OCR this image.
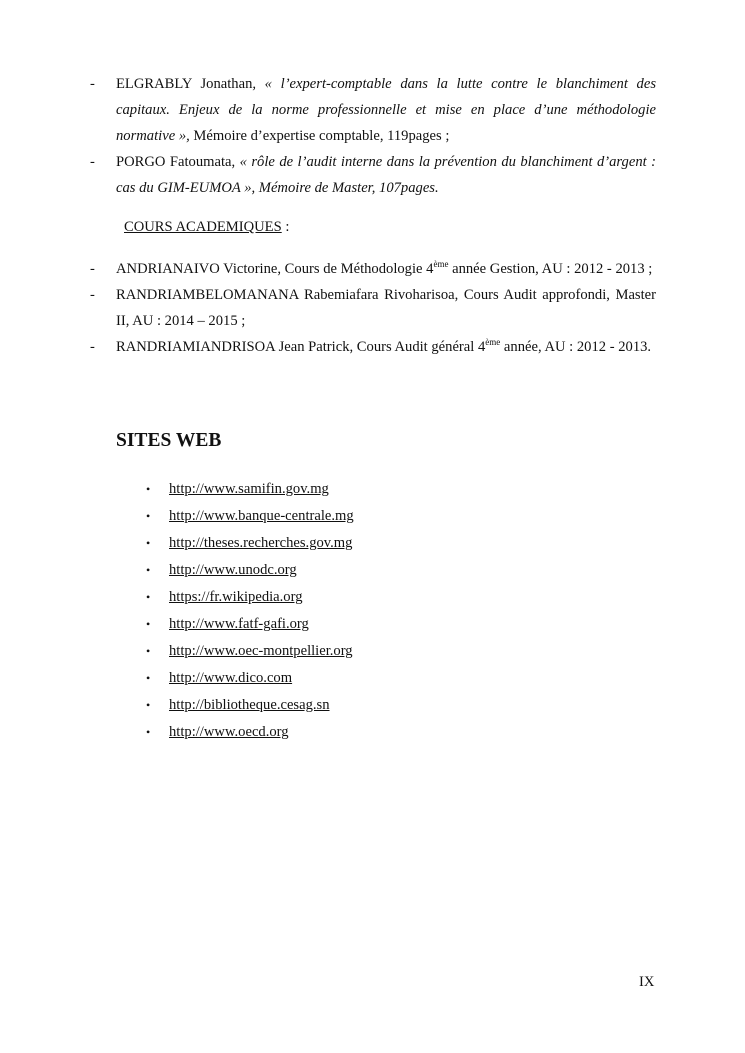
- ELGRABLY Jonathan, « l’expert-comptable dans la lutte contre le blanchiment des capitaux. Enjeux de la norme professionnelle et mise en place d’une méthodologie normative », Mémoire d’expertise comptable, 119pages ;
- PORGO Fatoumata, « rôle de l’audit interne dans la prévention du blanchiment d’argent : cas du GIM-EUMOA », Mémoire de Master, 107pages.
COURS ACADEMIQUES :
- ANDRIANAIVO Victorine, Cours de Méthodologie 4ème année Gestion, AU : 2012 - 2013 ;
- RANDRIAMBELOMANANA Rabemiafara Rivoharisoa, Cours Audit approfondi, Master II, AU : 2014 – 2015 ;
- RANDRIAMIANDRISOA Jean Patrick, Cours Audit général 4ème année, AU : 2012 - 2013.
SITES WEB
• http://www.samifin.gov.mg
• http://www.banque-centrale.mg
• http://theses.recherches.gov.mg
• http://www.unodc.org
• https://fr.wikipedia.org
• http://www.fatf-gafi.org
• http://www.oec-montpellier.org
• http://www.dico.com
• http://bibliotheque.cesag.sn
• http://www.oecd.org
IX
